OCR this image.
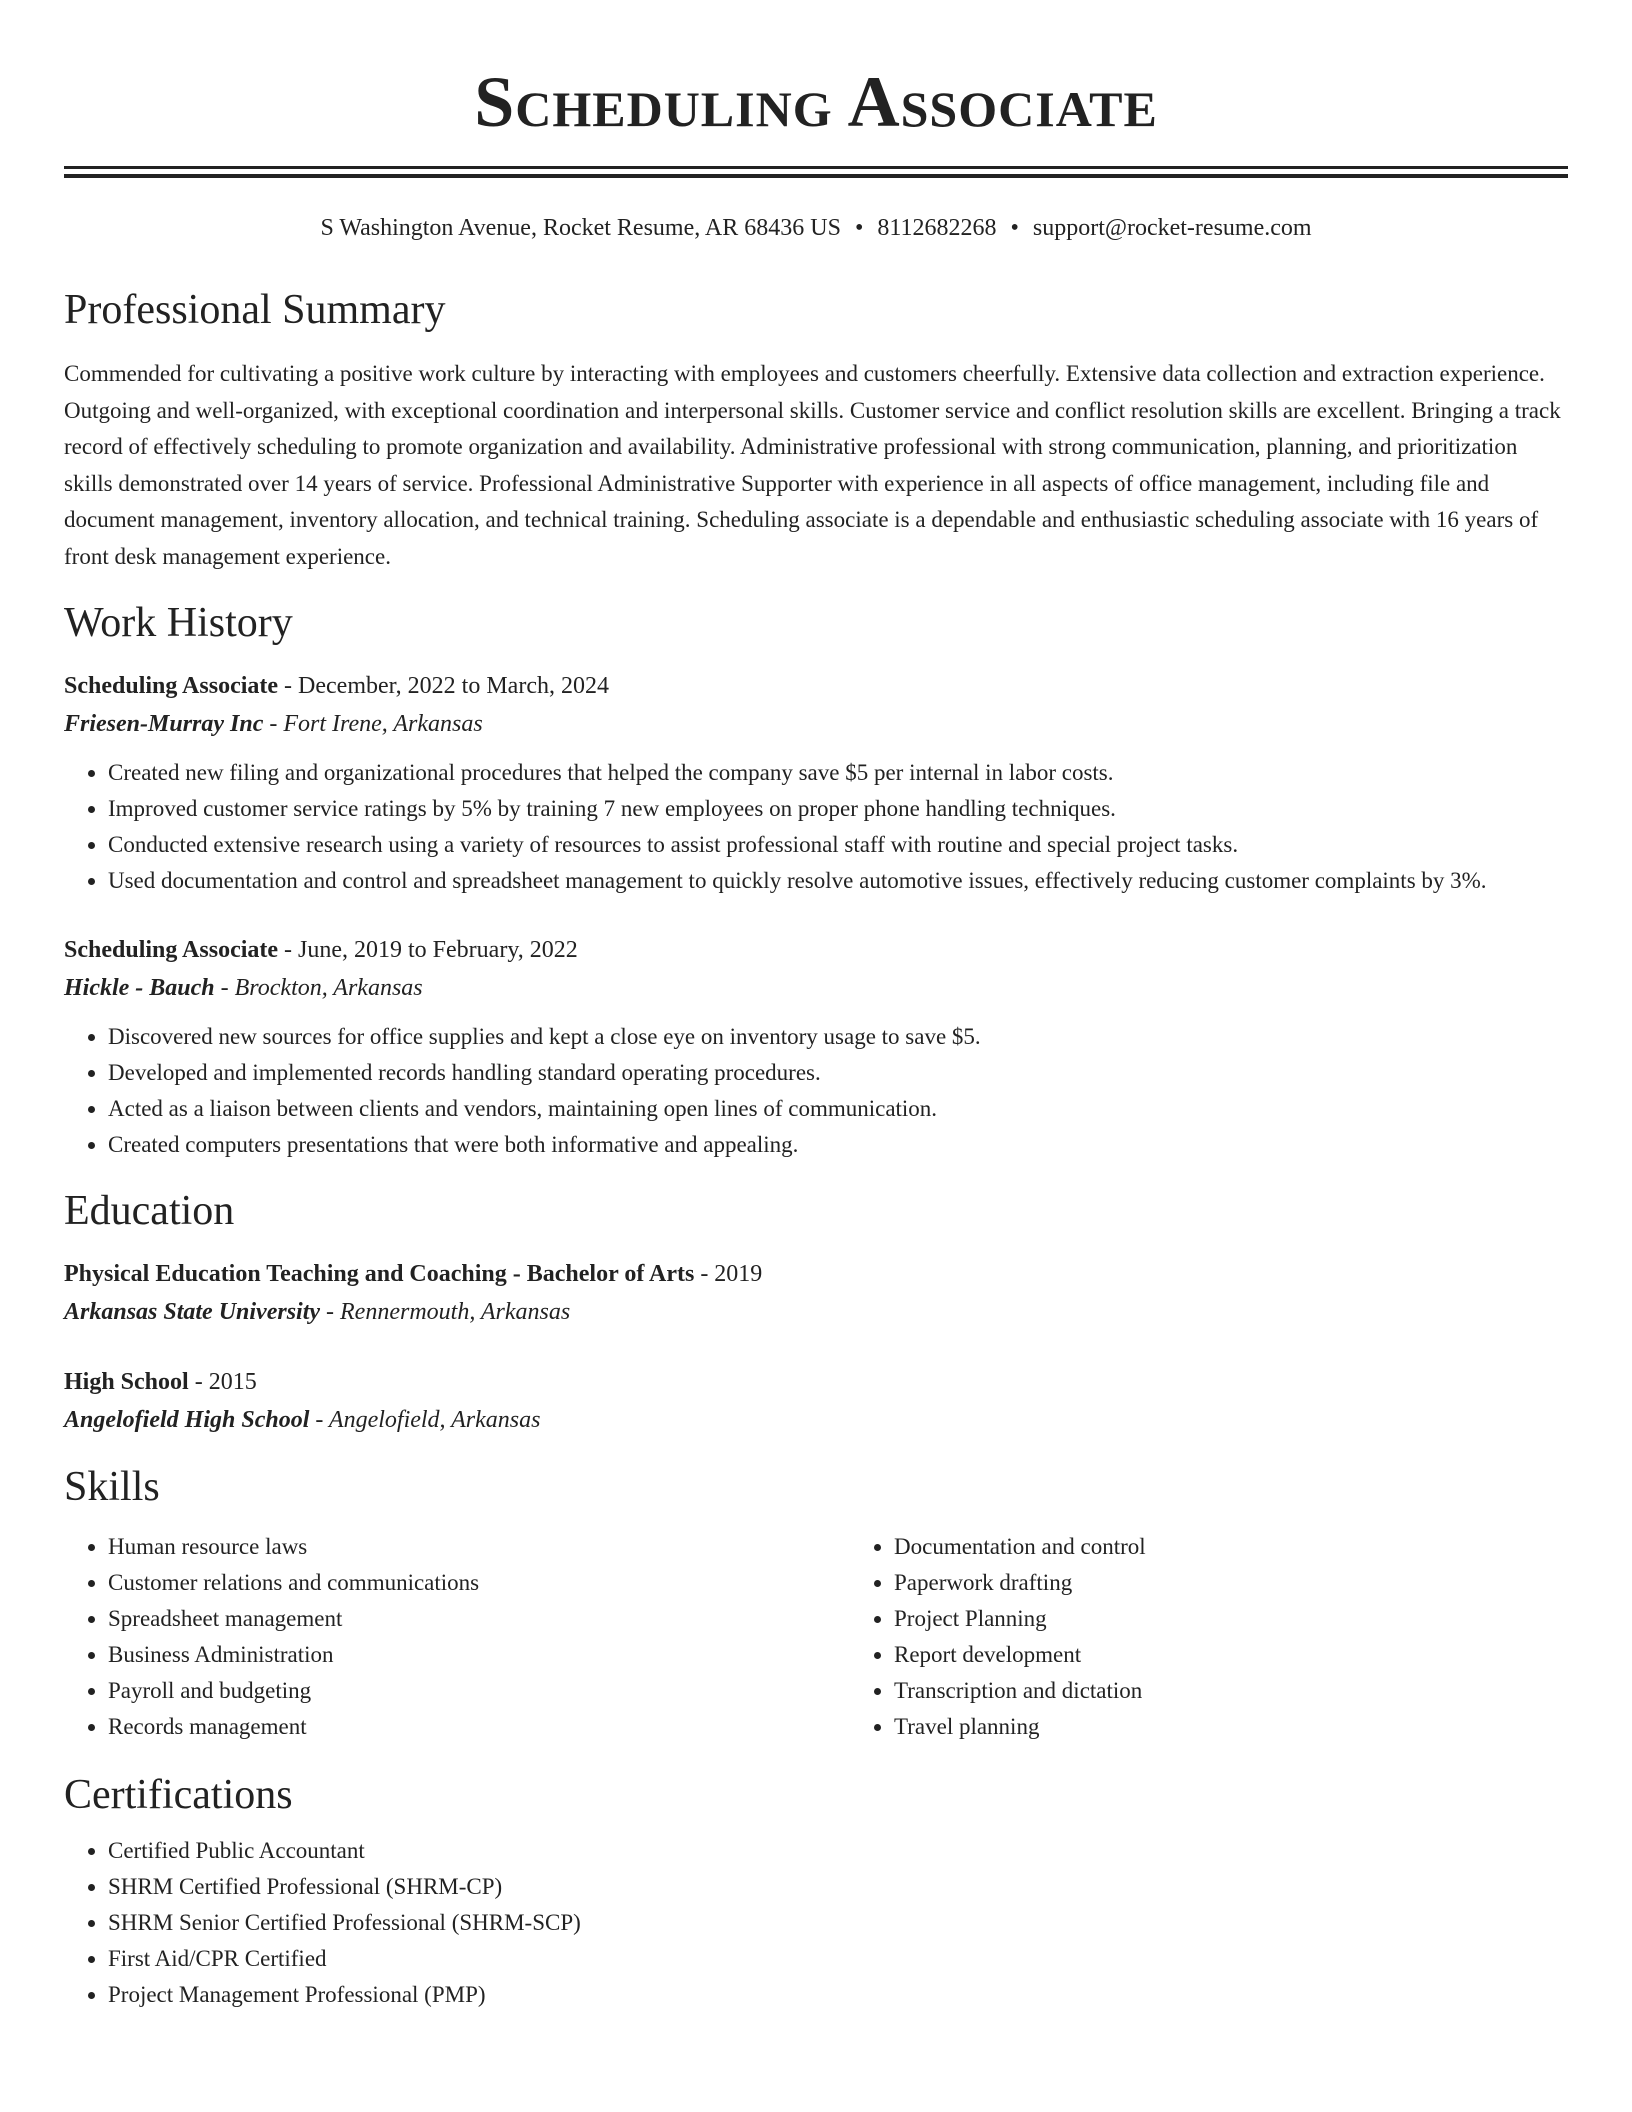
Scheduling Associate
S Washington Avenue, Rocket Resume, AR 68436 US • 8112682268 • support@rocket-resume.com
Professional Summary

Commended for cultivating a positive work culture by interacting with employees and customers cheerfully. Extensive data collection and extraction experience. Outgoing and well-organized, with exceptional coordination and interpersonal skills. Customer service and conflict resolution skills are excellent. Bringing a track record of effectively scheduling to promote organization and availability. Administrative professional with strong communication, planning, and prioritization skills demonstrated over 14 years of service. Professional Administrative Supporter with experience in all aspects of office management, including file and document management, inventory allocation, and technical training. Scheduling associate is a dependable and enthusiastic scheduling associate with 16 years of front desk management experience.

Work History
Scheduling Associate - December, 2022 to March, 2024
Friesen-Murray Inc - Fort Irene, Arkansas
• Created new filing and organizational procedures that helped the company save $5 per internal in labor costs.
• Improved customer service ratings by 5% by training 7 new employees on proper phone handling techniques.
• Conducted extensive research using a variety of resources to assist professional staff with routine and special project tasks.
• Used documentation and control and spreadsheet management to quickly resolve automotive issues, effectively reducing customer complaints by 3%.
Scheduling Associate - June, 2019 to February, 2022
Hickle - Bauch - Brockton, Arkansas
• Discovered new sources for office supplies and kept a close eye on inventory usage to save $5.
• Developed and implemented records handling standard operating procedures.
• Acted as a liaison between clients and vendors, maintaining open lines of communication.
• Created computers presentations that were both informative and appealing.
Education
Physical Education Teaching and Coaching - Bachelor of Arts - 2019
Arkansas State University - Rennermouth, Arkansas
High School - 2015
Angelofield High School - Angelofield, Arkansas
Skills
• Human resource laws
• Customer relations and communications
• Spreadsheet management
• Business Administration
• Payroll and budgeting
• Records management
• Documentation and control
• Paperwork drafting
• Project Planning
• Report development
• Transcription and dictation
• Travel planning
Certifications
• Certified Public Accountant
• SHRM Certified Professional (SHRM-CP)
• SHRM Senior Certified Professional (SHRM-SCP)
• First Aid/CPR Certified
• Project Management Professional (PMP)
